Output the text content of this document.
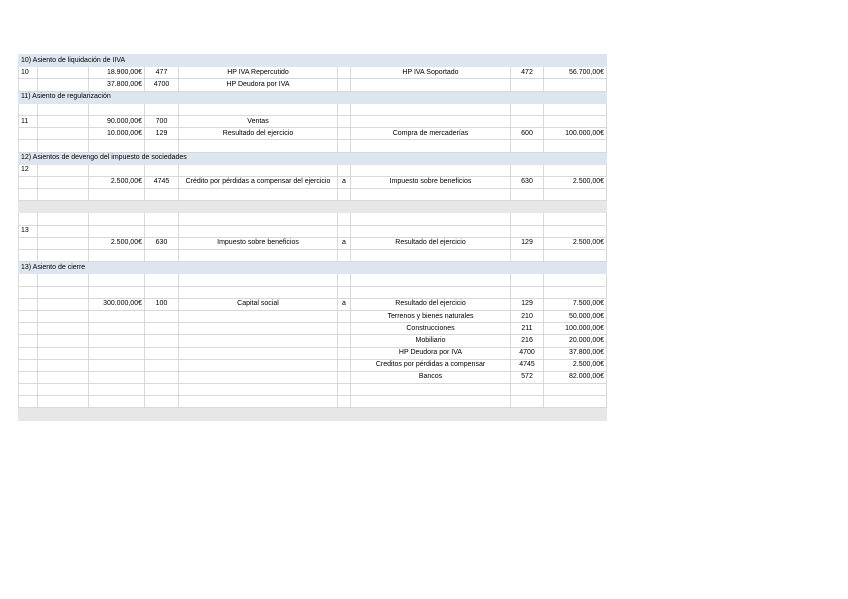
10) Asiento de liquidación de IIVA								
10		18.900,00€	477	HP IVA Repercutido		HP IVA Soportado	472	56.700,00€
		37.800,00€	4700	HP Deudora por IVA				
11) Asiento de regularización								

11		90.000,00€	700	Ventas				
		10.000,00€	129	Resultado del ejercicio		Compra de mercaderías	600	100.000,00€

12) Asientos de devengo del impuesto de sociedades								
12								
		2.500,00€	4745	Crédito por pérdidas a compensar del ejercicio	a	Impuesto sobre beneficios	630	2.500,00€

13								
		2.500,00€	630	Impuesto sobre beneficios	a	Resultado del ejercicio	129	2.500,00€

13) Asiento de cierre								

		300.000,00€	100	Capital social	a	Resultado del ejercicio	129	7.500,00€
						Terrenos y bienes naturales	210	50.000,00€
						Construcciones	211	100.000,00€
						Mobiliario	216	20.000,00€
						HP Deudora por IVA	4700	37.800,00€
						Creditos por pérdidas a compensar	4745	2.500,00€
						Bancos	572	82.000,00€
